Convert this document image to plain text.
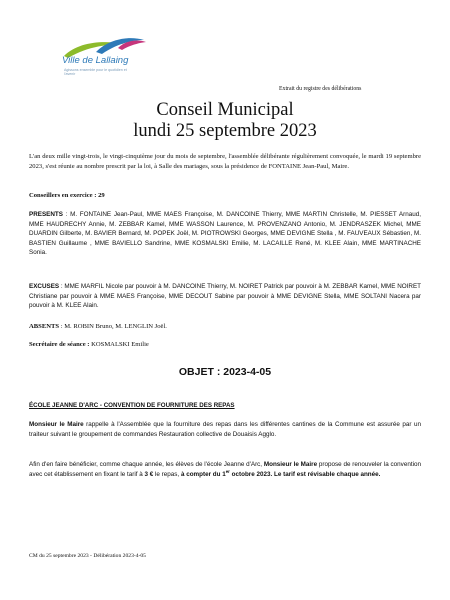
Ville de Lallaing
Agissons ensemble pour le quotidien et l'avenir
Extrait du registre des délibérations
Conseil Municipal
lundi 25 septembre 2023
L'an deux mille vingt-trois, le vingt-cinquième jour du mois de septembre, l'assemblée délibérante régulièrement convoquée, le mardi 19 septembre 2023, s'est réunie au nombre prescrit par la loi, à Salle des mariages, sous la présidence de FONTAINE Jean-Paul, Maire.
Conseillers en exercice : 29
PRESENTS : M. FONTAINE Jean-Paul, MME MAES Françoise, M. DANCOINE Thierry, MME MARTIN Christelle, M. PIESSET Arnaud, MME HAUDRECHY Annie, M. ZEBBAR Kamel, MME WASSON Laurence, M. PROVENZANO Antonio, M. JENDRASZEK Michel, MME DUARDIN Gilberte, M. BAVIER Bernard, M. POPEK Joël, M. PIOTROWSKI Georges, MME DEVIGNE Stella , M. FAUVEAUX Sébastien, M. BASTIEN Guillaume , MME BAVIELLO Sandrine, MME KOSMALSKI Emilie, M. LACAILLE René, M. KLEE Alain, MME MARTINACHE Sonia.
EXCUSES : MME MARFIL Nicole par pouvoir à M. DANCOINE Thierry, M. NOIRET Patrick par pouvoir à M. ZEBBAR Kamel, MME NOIRET Christiane par pouvoir à MME MAES Françoise, MME DECOUT Sabine par pouvoir à MME DEVIGNE Stella, MME SOLTANI Nacera par pouvoir à M. KLEE Alain.
ABSENTS : M. ROBIN Bruno, M. LENGLIN Joël.
Secrétaire de séance : KOSMALSKI Emilie
OBJET : 2023-4-05
ÉCOLE JEANNE D'ARC - CONVENTION DE FOURNITURE DES REPAS
Monsieur le Maire rappelle à l'Assemblée que la fourniture des repas dans les différentes cantines de la Commune est assurée par un traiteur suivant le groupement de commandes Restauration collective de Douaisis Agglo.
Afin d'en faire bénéficier, comme chaque année, les élèves de l'école Jeanne d'Arc, Monsieur le Maire propose de renouveler la convention avec cet établissement en fixant le tarif à 3 € le repas, à compter du 1er octobre 2023. Le tarif est révisable chaque année.
CM du 25 septembre 2023 - Délibération 2023-4-05
